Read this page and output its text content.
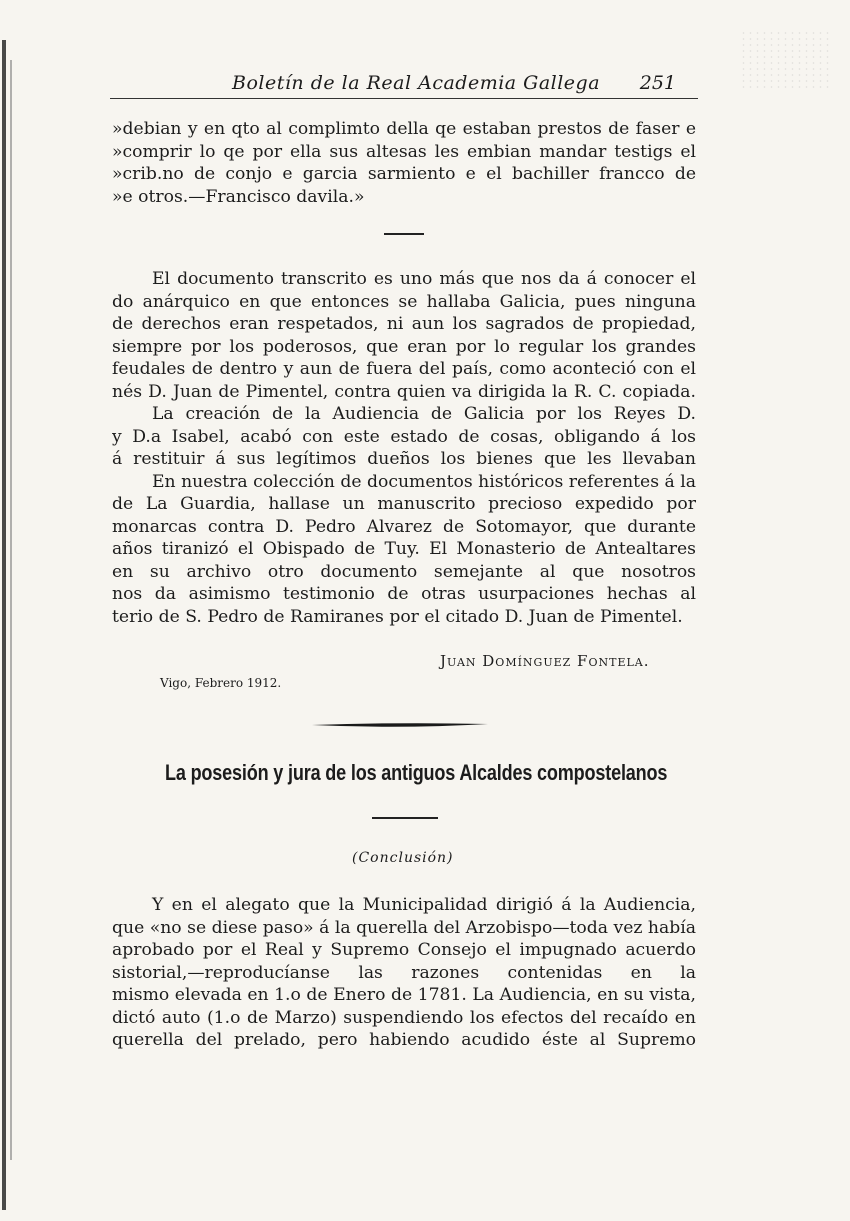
Boletín de la Real Academia Gallega 251
»debian y en qto al complimto della qe estaban prestos de faser e
»comprir lo qe por ella sus altesas les embian mandar testigs el
»crib.no de conjo e garcia sarmiento e el bachiller francco de
»e otros.—Francisco davila.»
El documento transcrito es uno más que nos da á conocer el
do anárquico en que entonces se hallaba Galicia, pues ninguna
de derechos eran respetados, ni aun los sagrados de propiedad,
siempre por los poderosos, que eran por lo regular los grandes
feudales de dentro y aun de fuera del país, como aconteció con el
nés D. Juan de Pimentel, contra quien va dirigida la R. C. copiada.
La creación de la Audiencia de Galicia por los Reyes D.
y D.a Isabel, acabó con este estado de cosas, obligando á los
á restituir á sus legítimos dueños los bienes que les llevaban
En nuestra colección de documentos históricos referentes á la
de La Guardia, hallase un manuscrito precioso expedido por
monarcas contra D. Pedro Alvarez de Sotomayor, que durante
años tiranizó el Obispado de Tuy. El Monasterio de Antealtares
en su archivo otro documento semejante al que nosotros
nos da asimismo testimonio de otras usurpaciones hechas al
terio de S. Pedro de Ramiranes por el citado D. Juan de Pimentel.
Juan Domínguez Fontela.
Vigo, Febrero 1912.
La posesión y jura de los antiguos Alcaldes compostelanos
(Conclusión)
Y en el alegato que la Municipalidad dirigió á la Audiencia,
que «no se diese paso» á la querella del Arzobispo—toda vez había
aprobado por el Real y Supremo Consejo el impugnado acuerdo
sistorial,—reproducíanse las razones contenidas en la
mismo elevada en 1.o de Enero de 1781. La Audiencia, en su vista,
dictó auto (1.o de Marzo) suspendiendo los efectos del recaído en
querella del prelado, pero habiendo acudido éste al Supremo
